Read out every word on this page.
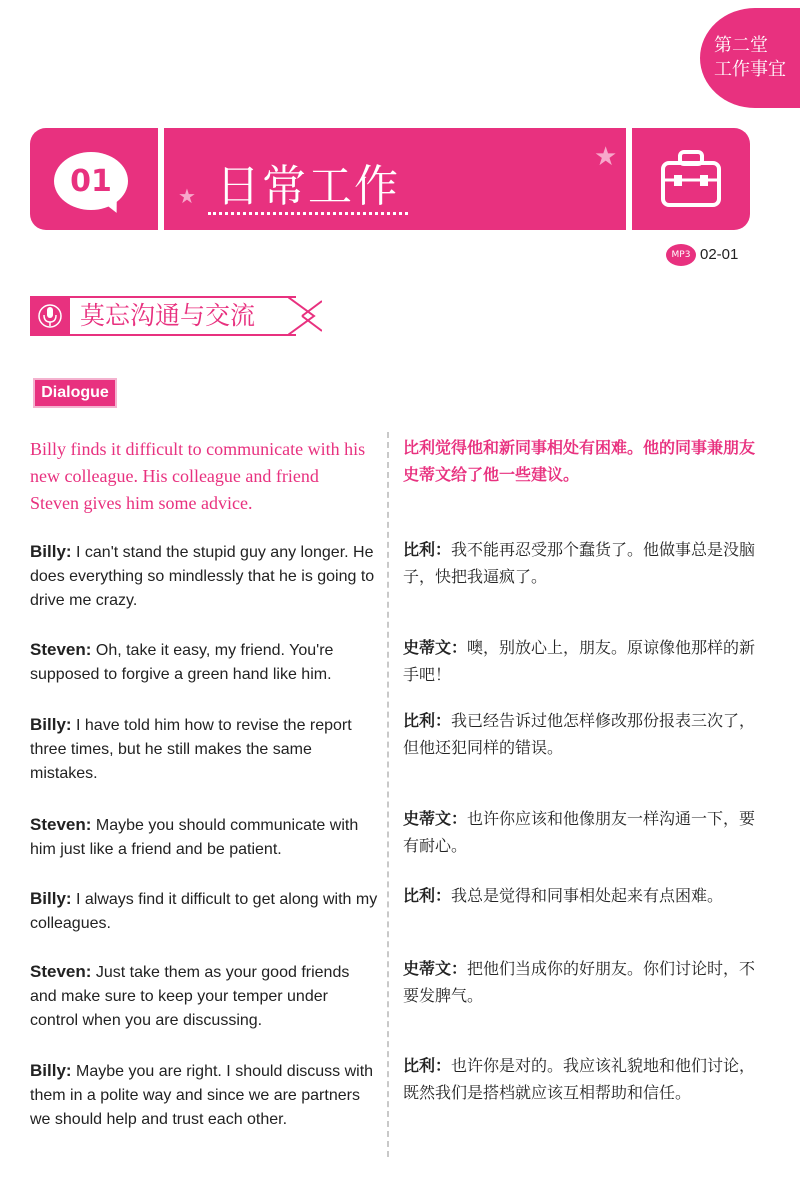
第二堂
工作事宜
01	★
★
日常工作
MP3 02-01
莫忘沟通与交流
Dialogue
Billy finds it difficult to communicate with his new colleague. His colleague and friend Steven gives him some advice.
比利觉得他和新同事相处有困难。他的同事兼朋友史蒂文给了他一些建议。
Billy: I can't stand the stupid guy any longer. He does everything so mindlessly that he is going to drive me crazy.
Steven: Oh, take it easy, my friend. You're supposed to forgive a green hand like him.
Billy: I have told him how to revise the report three times, but he still makes the same mistakes.
Steven: Maybe you should communicate with him just like a friend and be patient.
Billy: I always find it difficult to get along with my colleagues.
Steven: Just take them as your good friends and make sure to keep your temper under control when you are discussing.
Billy: Maybe you are right. I should discuss with them in a polite way and since we are partners we should help and trust each other.
比利：我不能再忍受那个蠢货了。他做事总是没脑子，快把我逼疯了。
史蒂文：噢，别放心上，朋友。原谅像他那样的新手吧！
比利：我已经告诉过他怎样修改那份报表三次了，但他还犯同样的错误。
史蒂文：也许你应该和他像朋友一样沟通一下，要有耐心。
比利：我总是觉得和同事相处起来有点困难。
史蒂文：把他们当成你的好朋友。你们讨论时，不要发脾气。
比利：也许你是对的。我应该礼貌地和他们讨论，既然我们是搭档就应该互相帮助和信任。
